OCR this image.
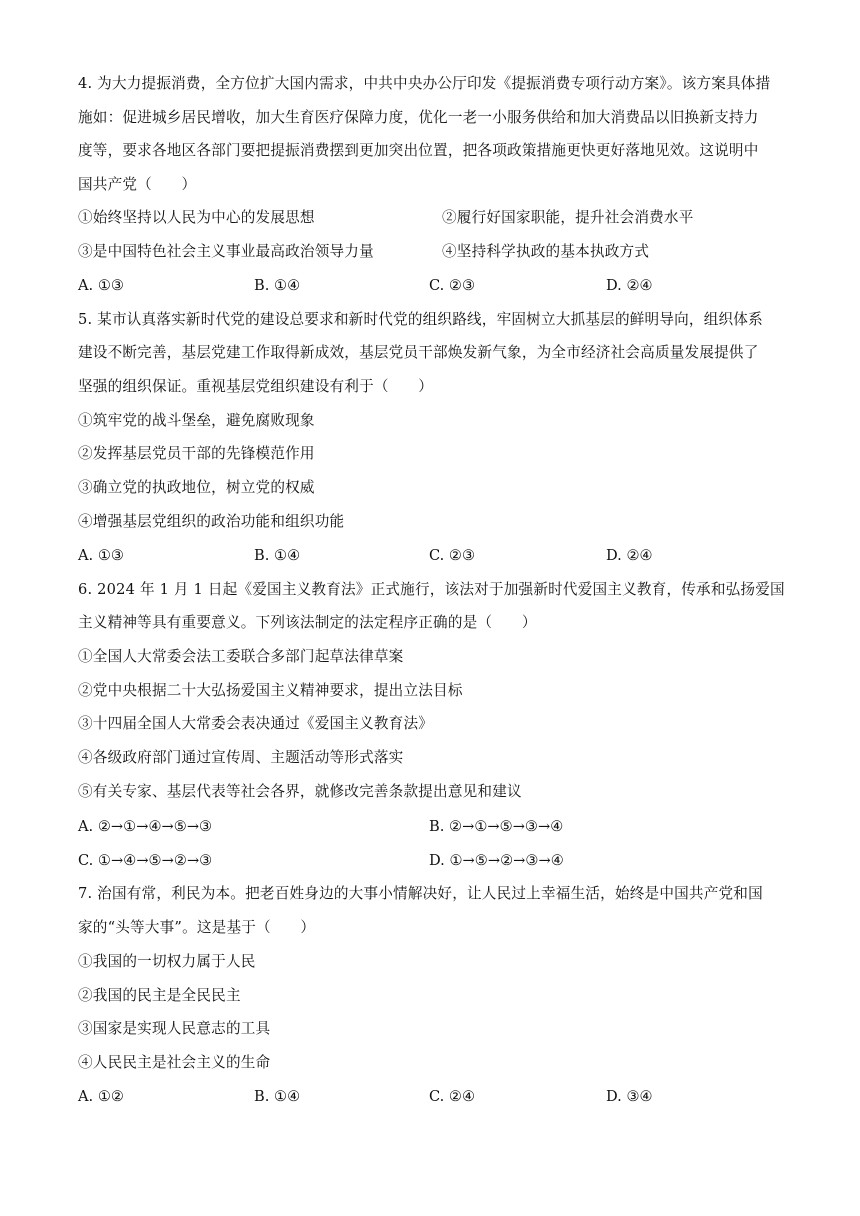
4. 为大力提振消费，全方位扩大国内需求，中共中央办公厅印发《提振消费专项行动方案》。该方案具体措
施如：促进城乡居民增收，加大生育医疗保障力度，优化一老一小服务供给和加大消费品以旧换新支持力
度等，要求各地区各部门要把提振消费摆到更加突出位置，把各项政策措施更快更好落地见效。这说明中
国共产党（　　）
①始终坚持以人民为中心的发展思想	②履行好国家职能，提升社会消费水平
③是中国特色社会主义事业最高政治领导力量	④坚持科学执政的基本执政方式
A. ①③	B. ①④	C. ②③	D. ②④
5. 某市认真落实新时代党的建设总要求和新时代党的组织路线，牢固树立大抓基层的鲜明导向，组织体系
建设不断完善，基层党建工作取得新成效，基层党员干部焕发新气象，为全市经济社会高质量发展提供了
坚强的组织保证。重视基层党组织建设有利于（　　）
①筑牢党的战斗堡垒，避免腐败现象
②发挥基层党员干部的先锋模范作用
③确立党的执政地位，树立党的权威
④增强基层党组织的政治功能和组织功能
A. ①③	B. ①④	C. ②③	D. ②④
6. 2024 年 1 月 1 日起《爱国主义教育法》正式施行，该法对于加强新时代爱国主义教育，传承和弘扬爱国
主义精神等具有重要意义。下列该法制定的法定程序正确的是（　　）
①全国人大常委会法工委联合多部门起草法律草案
②党中央根据二十大弘扬爱国主义精神要求，提出立法目标
③十四届全国人大常委会表决通过《爱国主义教育法》
④各级政府部门通过宣传周、主题活动等形式落实
⑤有关专家、基层代表等社会各界，就修改完善条款提出意见和建议
A. ②→①→④→⑤→③	B. ②→①→⑤→③→④
C. ①→④→⑤→②→③	D. ①→⑤→②→③→④
7. 治国有常，利民为本。把老百姓身边的大事小情解决好，让人民过上幸福生活，始终是中国共产党和国
家的“头等大事”。这是基于（　　）
①我国的一切权力属于人民
②我国的民主是全民民主
③国家是实现人民意志的工具
④人民民主是社会主义的生命
A. ①②	B. ①④	C. ②④	D. ③④
